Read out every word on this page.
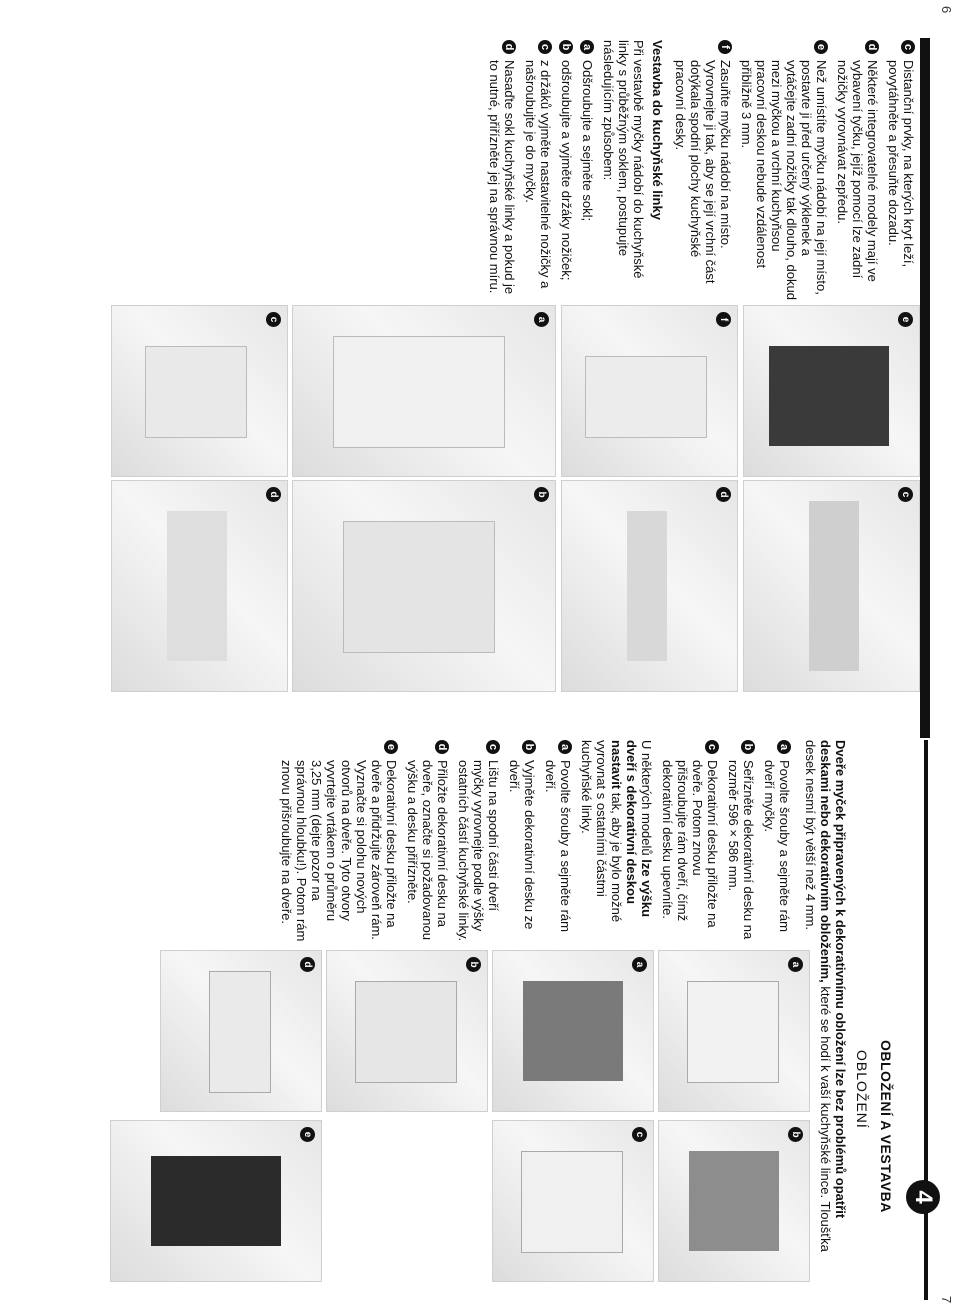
6
7
c
Distanční prvky, na kterých kryt leží, povytáhněte a přesuňte dozadu.
d
Některé integrovatelné modely mají ve vybavení tyčku, jejíž pomocí lze zadní nožičky vyrovnávat zepředu.
e
Než umístíte myčku nádobí na její místo, postavte ji před určený výklenek a vytáčejte zadní nožičky tak dlouho, dokud mezi myčkou a vrchní kuchyňsou pracovní deskou nebude vzdálenost přibližně 3 mm.
f
Zasuňte myčku nádobí na místo. Vyrovnejte ji tak, aby se její vrchní část dotýkala spodní plochy kuchyňské pracovní desky.
Vestavba do kuchyňské linky
Při vestavbě myčky nádobí do kuchyňské linky s průběžným soklem, postupujte následujícím způsobem:
a
Odšroubujte a sejměte sokl;
b
odšroubujte a vyjměte držáky nožiček;
c
z držáků vyjměte nastavitelné nožičky a našroubujte je do myčky.
d
Nasaďte sokl kuchyňské linky a pokud je to nutné, přiřízněte jej na správnou míru.
e
c
f
d
a
b
c
d
4
OBLOŽENÍ A VESTAVBA
OBLOŽENÍ
Dveře myček připravených k dekorativnímu obložení lze bez problémů opatřit deskami nebo dekorativním obložením, které se hodí k vaší kuchyňské lince. Tloušťka desek nesmí být větší než 4 mm.
a
Povolte šrouby a sejměte rám dveří myčky.
b
Seřízněte dekorativní desku na rozměr 596 × 586 mm.
c
Dekorativní desku přiložte na dveře. Potom znovu přišroubujte rám dveří, čímž dekorativní desku upevníte.
U některých modelů lze výšku dveří s dekorativní deskou nastavit tak, aby je bylo možné vyrovnat s ostatními částmi kuchyňské linky.
a
Povolte šrouby a sejměte rám dveří.
b
Vyjměte dekorativní desku ze dveří.
c
Lištu na spodní části dveří myčky vyrovnejte podle výšky ostatních částí kuchyňské linky.
d
Přiložte dekorativní desku na dveře, označte si požadovanou výšku a desku přiřízněte.
e
Dekorativní desku přiložte na dveře a přidržujte zároveň rám. Vyznačte si polohu nových otvorů na dveře. Tyto otvory vyvrtejte vrtákem o průměru 3,25 mm (dejte pozor na správnou hloubku!). Potom rám znovu přišroubujte na dveře.
a
b
a
c
b
d
e
